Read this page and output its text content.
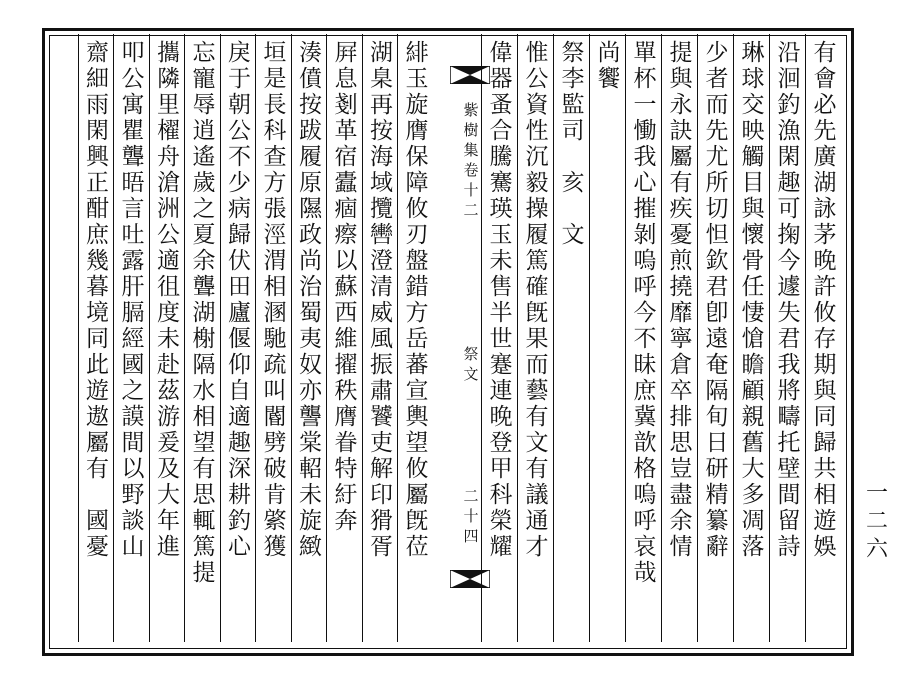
有
會
必
先
廣
湖
詠
茅
晚
許
攸
存
期
與
同
歸
共
相
遊
娛
沿
洄
釣
漁
閑
趣
可
掬
今
遽
失
君
我
將
疇
托
壁
間
留
詩
琳
球
交
映
觸
目
與
懷
骨
任
悽
愴
瞻
顧
親
舊
大
多
凋
落
少
者
而
先
尤
所
切
怛
欽
君
卽
遠
奄
隔
旬
日
研
精
纂
辭
提
與
永
訣
屬
有
疾
憂
煎
撓
靡
寧
倉
卒
排
思
豈
盡
余
情
單
杯
一
慟
我
心
摧
剝
嗚
呼
今
不
昧
庶
冀
歆
格
嗚
呼
哀
哉
尚
饗
祭
李
監
司

亥

文
惟
公
資
性
沉
毅
操
履
篤
確
旣
果
而
藝
有
文
有
議
通
才
偉
器
蚤
合
騰
騫
瑛
玉
未
售
半
世
蹇
連
晚
登
甲
科
榮
耀
緋
玉
旋
膺
保
障
攸
刃
盤
錯
方
岳
蕃
宣
輿
望
攸
屬
旣
莅
湖
臬
再
按
海
域
攬
轡
澄
清
威
風
振
肅
饕
吏
解
印
猾
胥
屛
息
剗
革
宿
蠹
痼
瘵
以
蘇
西
維
擢
秩
膺
眷
特
紆
奔
湊
僨
按
跋
履
原
隰
政
尚
治
蜀
夷
奴
亦
讋
棠
軺
未
旋
緻
垣
是
長
科
查
方
張
涇
渭
相
溷
馳
疏
叫
閽
劈
破
肯
綮
獲
戾
于
朝
公
不
少
病
歸
伏
田
廬
偃
仰
自
適
趣
深
耕
釣
心
忘
寵
辱
逍
遙
歲
之
夏
余
聾
湖
榭
隔
水
相
望
有
思
輒
篤
提
攜
隣
里
櫂
舟
滄
洲
公
適
徂
度
未
赴
茲
游
爰
及
大
年
進
叩
公
寓
瞿
聾
晤
言
吐
露
肝
膈
經
國
之
謨
間
以
野
談
山
齋
細
雨
閑
興
正
酣
庶
幾
暮
境
同
此
遊
遨
屬
有

國
憂
紫
樹
集
卷
十
二
祭
文
二
十
四
一
二
六
